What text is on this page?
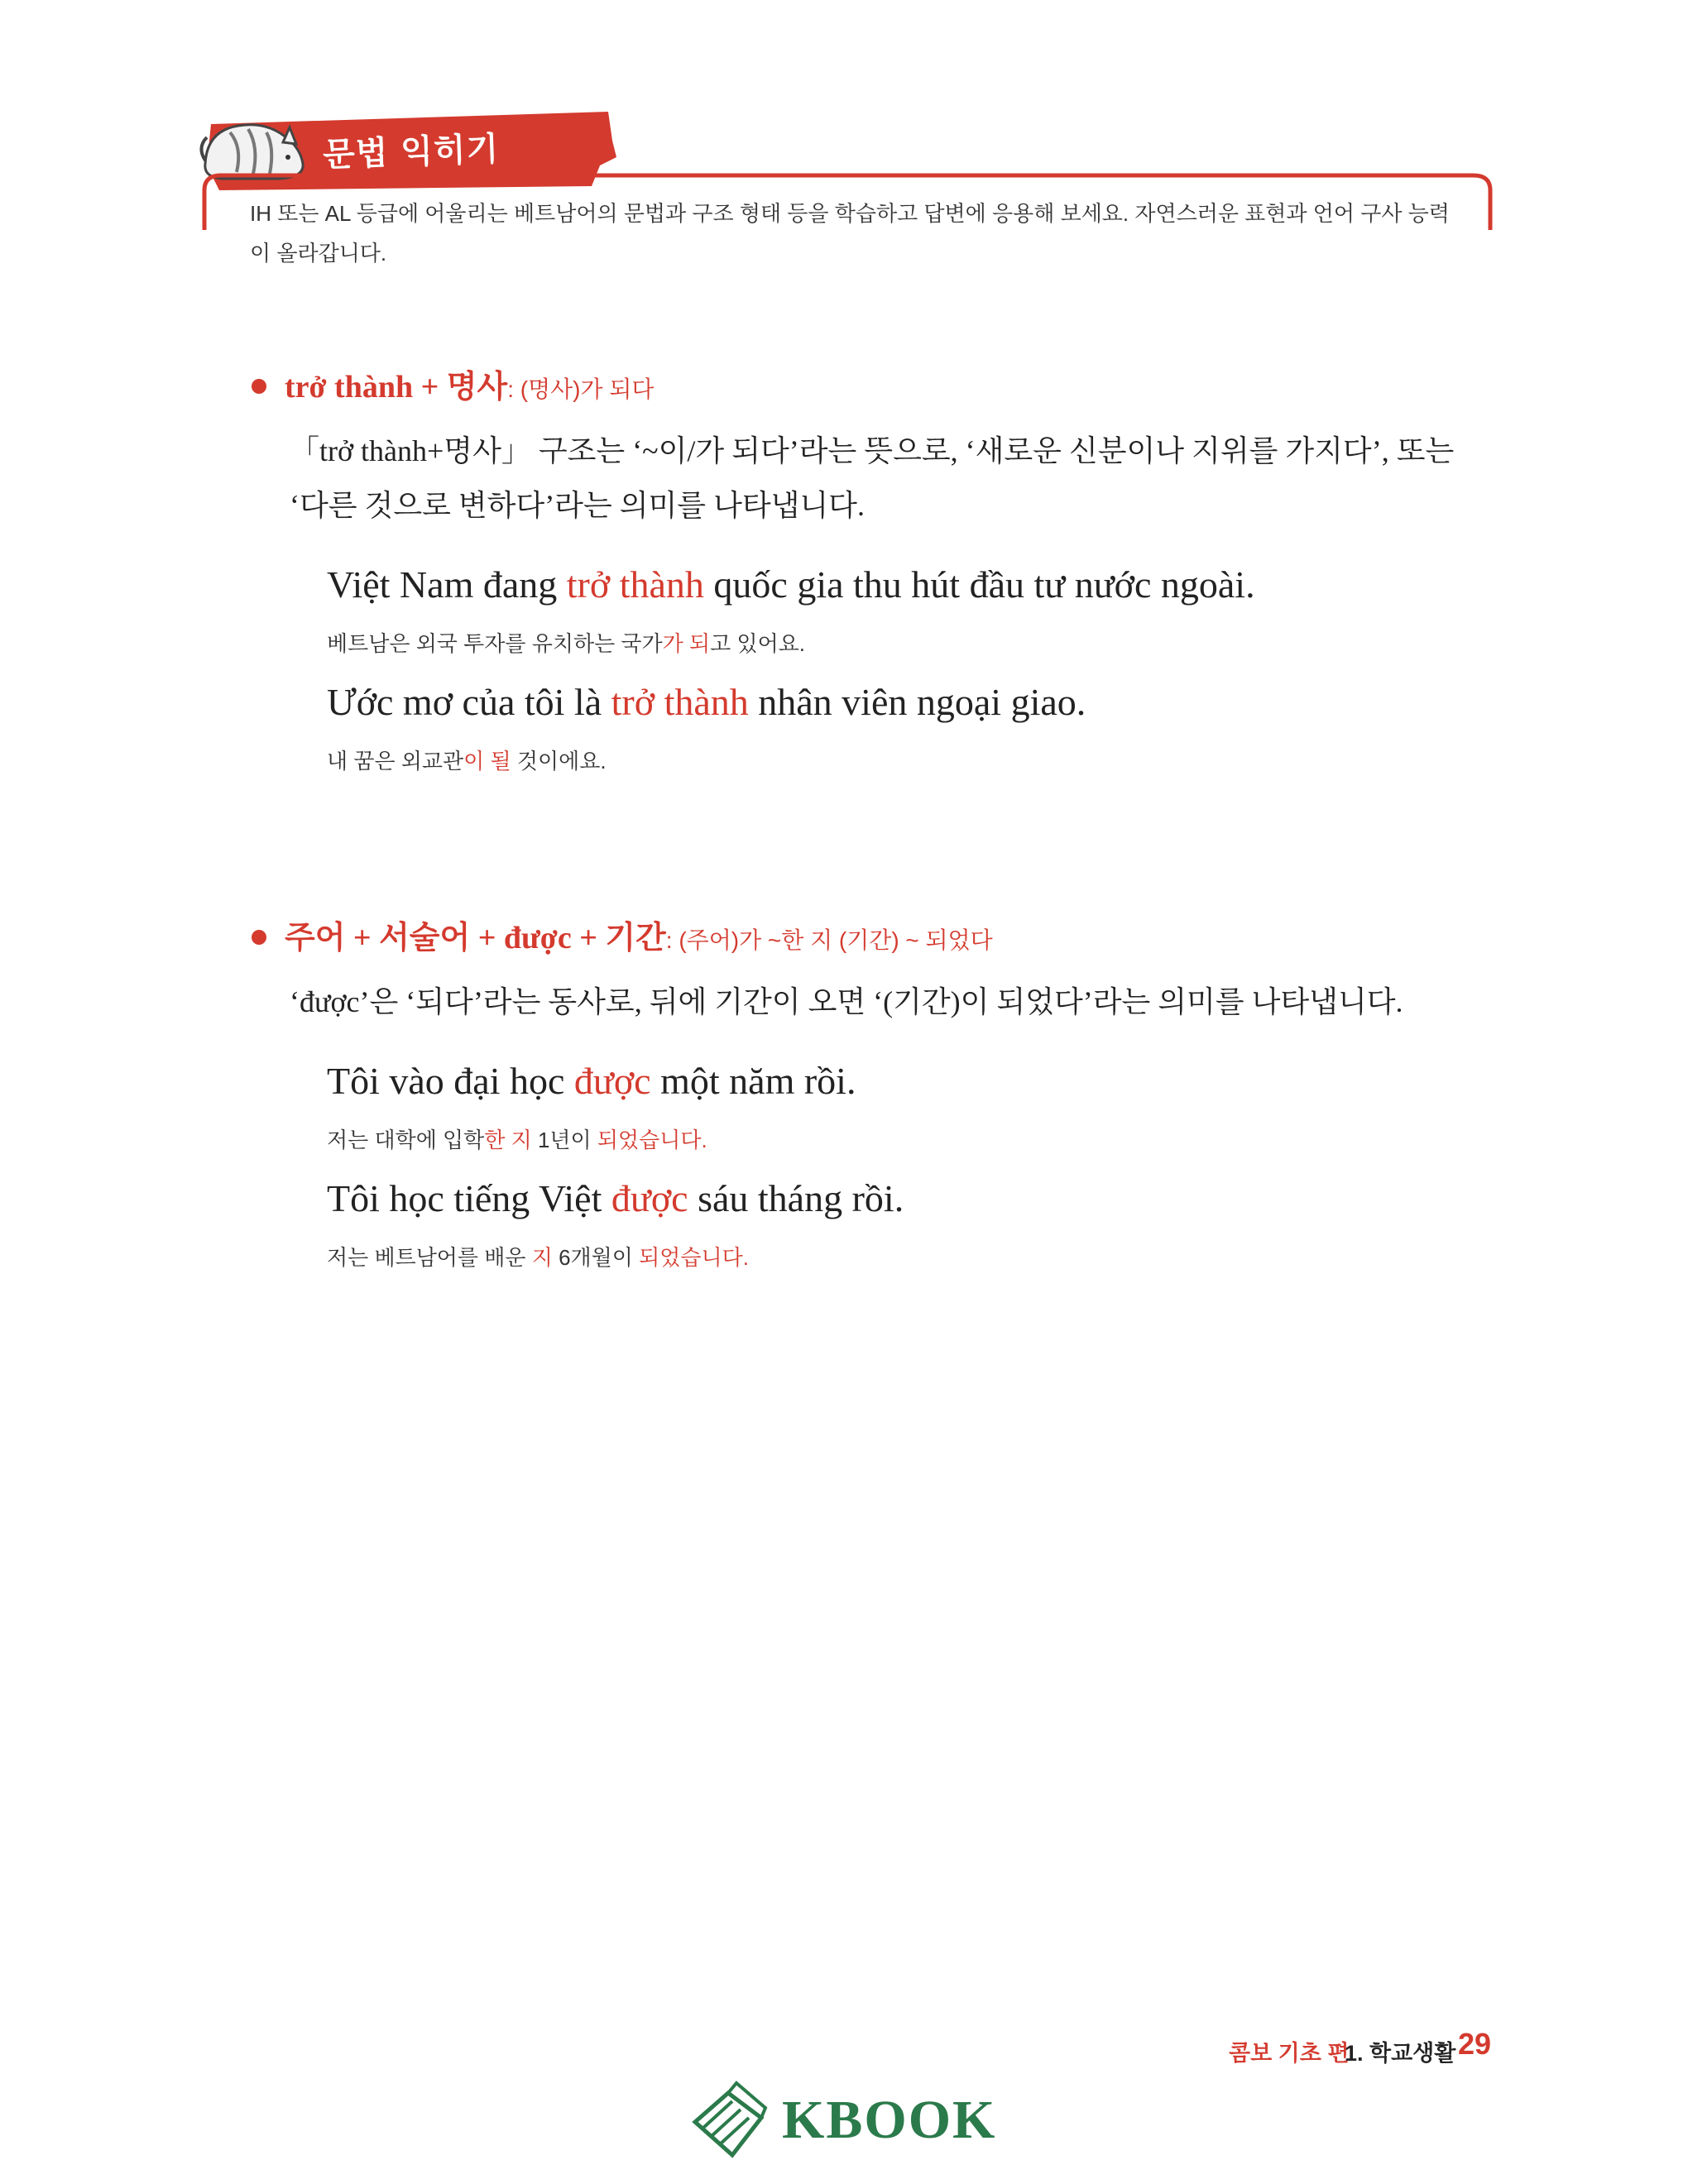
문법 익히기
IH 또는 AL 등급에 어울리는 베트남어의 문법과 구조 형태 등을 학습하고 답변에 응용해 보세요. 자연스러운 표현과 언어 구사 능력이 올라갑니다.
trở thành + 명사: (명사)가 되다
「trở thành+명사」 구조는 ‘~이/가 되다’라는 뜻으로, ‘새로운 신분이나 지위를 가지다’, 또는 ‘다른 것으로 변하다’라는 의미를 나타냅니다.
Việt Nam đang trở thành quốc gia thu hút đầu tư nước ngoài.
베트남은 외국 투자를 유치하는 국가가 되고 있어요.
Ước mơ của tôi là trở thành nhân viên ngoại giao.
내 꿈은 외교관이 될 것이에요.
주어 + 서술어 + được + 기간: (주어)가 ~한 지 (기간) ~ 되었다
‘được’은 ‘되다’라는 동사로, 뒤에 기간이 오면 ‘(기간)이 되었다’라는 의미를 나타냅니다.
Tôi vào đại học được một năm rồi.
저는 대학에 입학한 지 1년이 되었습니다.
Tôi học tiếng Việt được sáu tháng rồi.
저는 베트남어를 배운 지 6개월이 되었습니다.
콤보 기초 편
1. 학교생활 29
KBOOK
